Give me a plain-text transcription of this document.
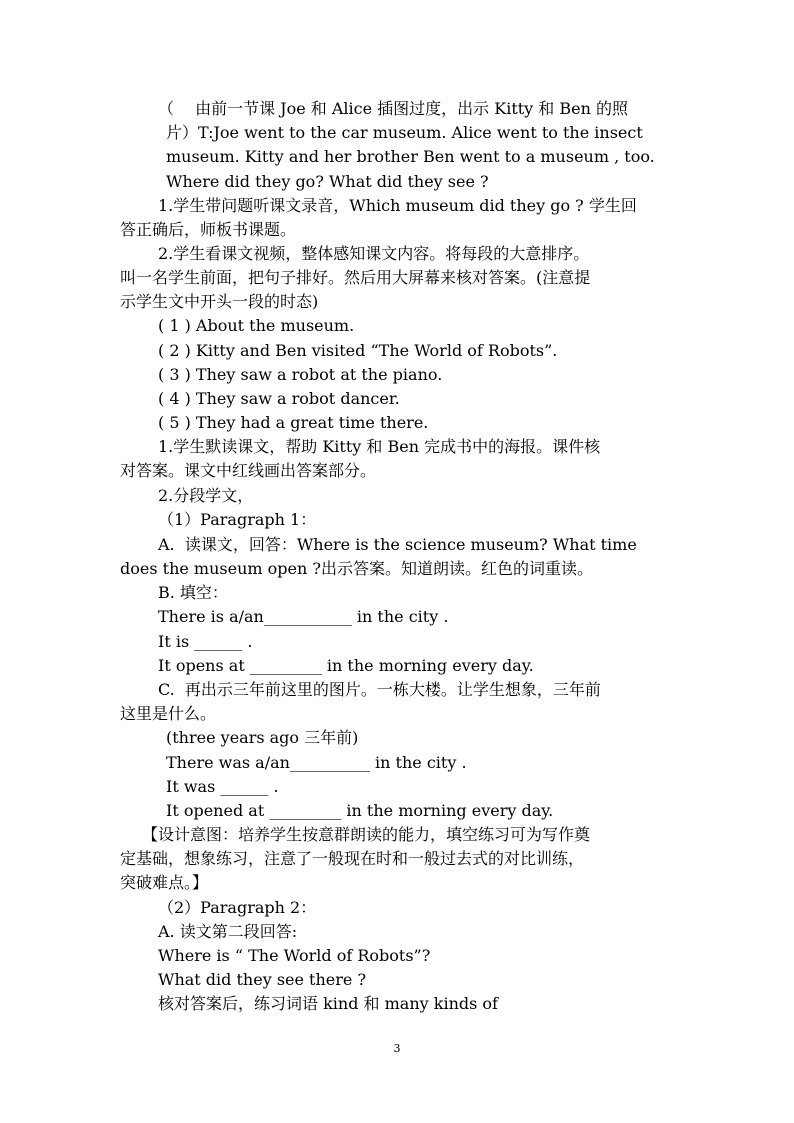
（　 由前一节课 Joe 和 Alice 插图过度，出示 Kitty 和 Ben 的照
片）T:Joe went to the car museum. Alice went to the insect
museum. Kitty and her brother Ben went to a museum , too.
Where did they go? What did they see ?
1.学生带问题听课文录音，Which museum did they go ? 学生回
答正确后，师板书课题。
2.学生看课文视频，整体感知课文内容。将每段的大意排序。
叫一名学生前面，把句子排好。然后用大屏幕来核对答案。(注意提
示学生文中开头一段的时态)
( 1 ) About the museum.
( 2 ) Kitty and Ben visited “The World of Robots”.
( 3 ) They saw a robot at the piano.
( 4 ) They saw a robot dancer.
( 5 ) They had a great time there.
1.学生默读课文，帮助 Kitty 和 Ben 完成书中的海报。课件核
对答案。课文中红线画出答案部分。
2.分段学文，
（1）Paragraph 1：
A.  读课文，回答：Where is the science museum? What time
does the museum open ?出示答案。知道朗读。红色的词重读。
B. 填空：
There is a/an___________ in the city .
It is ______ .
It opens at _________ in the morning every day.
C.  再出示三年前这里的图片。一栋大楼。让学生想象，三年前
这里是什么。
(three years ago 三年前)
There was a/an__________ in the city .
It was ______ .
It opened at _________ in the morning every day.
【设计意图：培养学生按意群朗读的能力，填空练习可为写作奠
定基础，想象练习，注意了一般现在时和一般过去式的对比训练，
突破难点。】
（2）Paragraph 2：
A. 读文第二段回答:
Where is “ The World of Robots”?
What did they see there ?
核对答案后，练习词语 kind 和 many kinds of
3
